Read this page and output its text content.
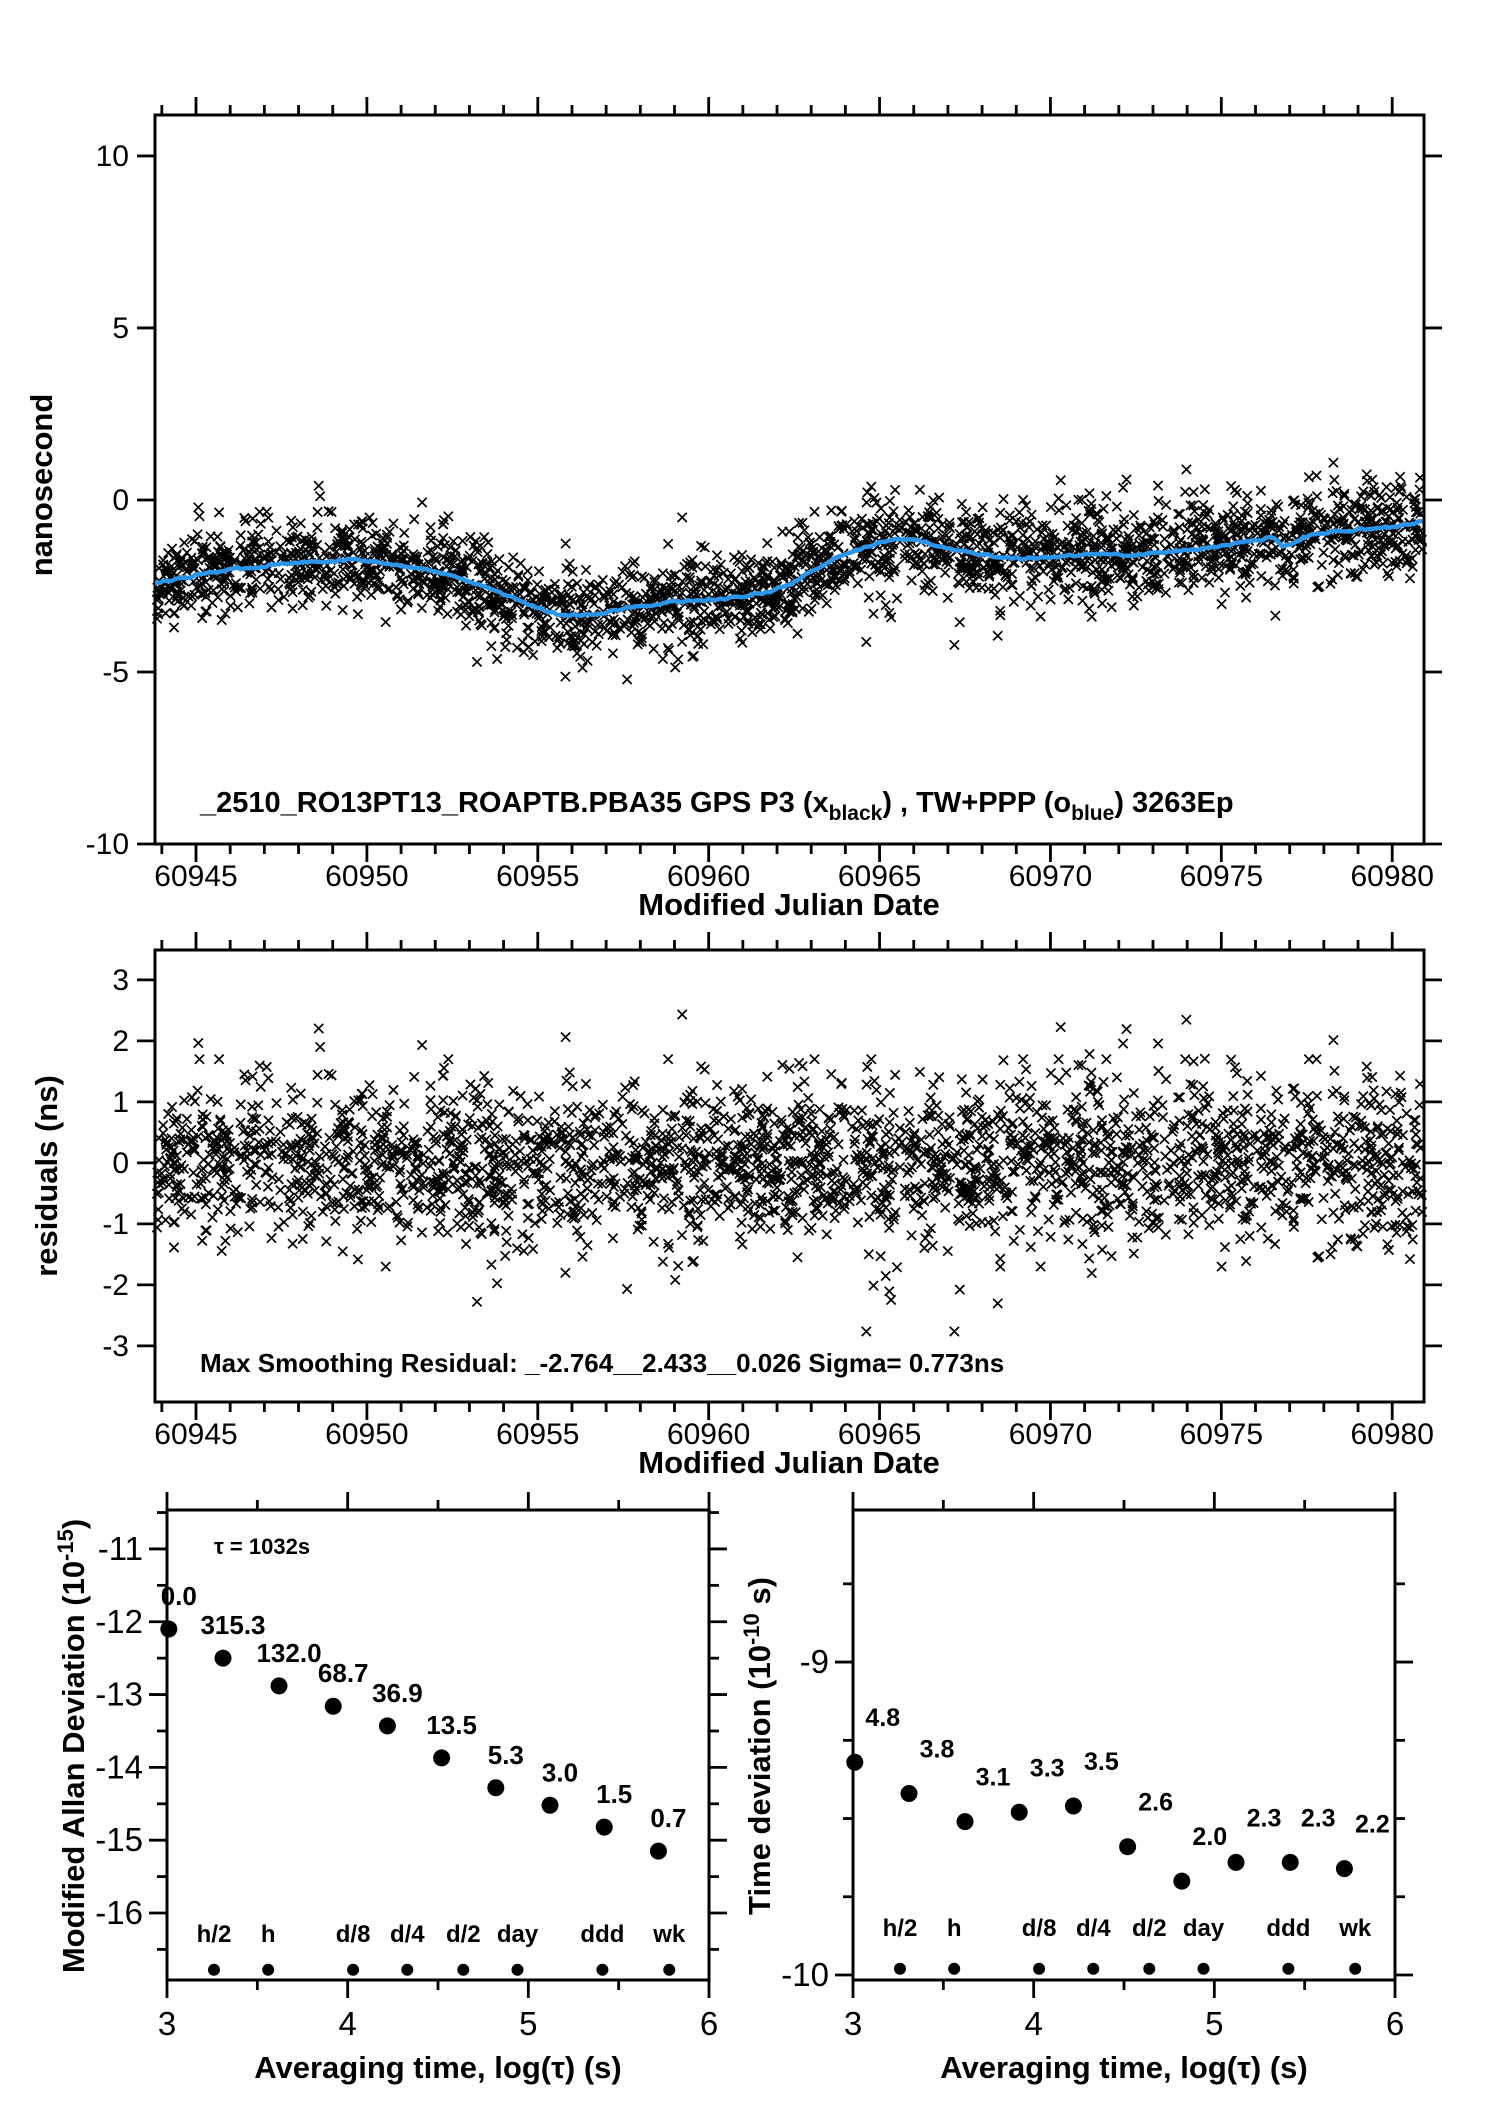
60945	60950	60955	60960	60965	60970	60975	60980
-10
-5
0
5
10
nanosecond
Modified Julian Date
_2510_RO13PT13_ROAPTB.PBA35 GPS P3 $(x_{black})$ , TW+PPP $(o_{blue})$ 3263Ep
60945	60950	60955	60960	60965	60970	60975	60980
-3
-2
-1
0
1
2
3
residuals (ns)
Modified Julian Date
Max Smoothing Residual: _-2.764__2.433__0.026 Sigma= 0.773ns
3	4	5	6
-16
-15
-14
-13
-12
-11
0.0
315.3
132.0
68.7
36.9
13.5
5.3
3.0
1.5
0.7
h/2 h	d/8 d/4 d/2 day ddd wk
Modified Allan Deviation $(10^{-15})$
Averaging time, log(τ) (s)
τ = 1032s
3	4	5	6
-10
-9
4.8
3.8
3.1 3.3 3.5
2.6
2.0
2.3 2.3 2.2
h/2 h	d/8 d/4 d/2 day ddd wk
Time deviation ($10^{-10}$ s)
Averaging time, log(τ) (s)
